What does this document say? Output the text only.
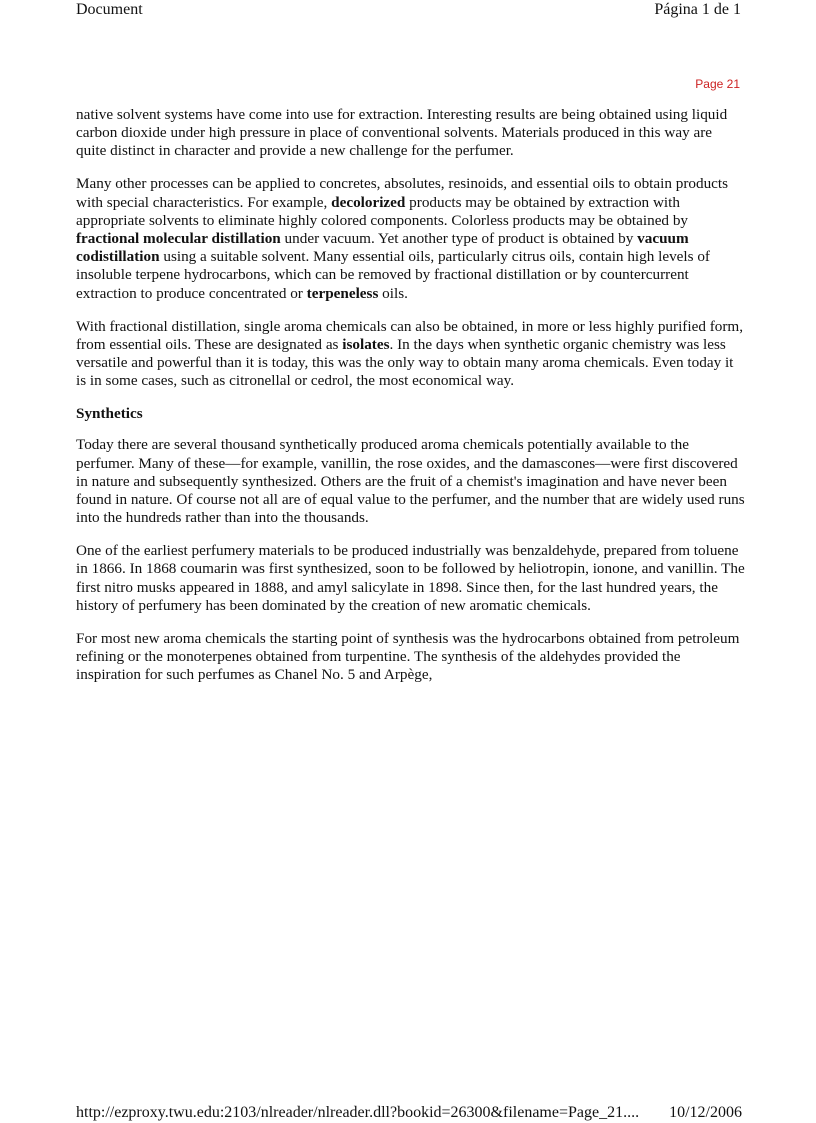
Document	Página 1 de 1
Page 21

native solvent systems have come into use for extraction. Interesting results are being obtained using liquid carbon dioxide under high pressure in place of conventional solvents. Materials produced in this way are quite distinct in character and provide a new challenge for the perfumer.

Many other processes can be applied to concretes, absolutes, resinoids, and essential oils to obtain products with special characteristics. For example, decolorized products may be obtained by extraction with appropriate solvents to eliminate highly colored components. Colorless products may be obtained by fractional molecular distillation under vacuum. Yet another type of product is obtained by vacuum codistillation using a suitable solvent. Many essential oils, particularly citrus oils, contain high levels of insoluble terpene hydrocarbons, which can be removed by fractional distillation or by countercurrent extraction to produce concentrated or terpeneless oils.

With fractional distillation, single aroma chemicals can also be obtained, in more or less highly purified form, from essential oils. These are designated as isolates. In the days when synthetic organic chemistry was less versatile and powerful than it is today, this was the only way to obtain many aroma chemicals. Even today it is in some cases, such as citronellal or cedrol, the most economical way.

Synthetics

Today there are several thousand synthetically produced aroma chemicals potentially available to the perfumer. Many of these—for example, vanillin, the rose oxides, and the damascones—were first discovered in nature and subsequently synthesized. Others are the fruit of a chemist's imagination and have never been found in nature. Of course not all are of equal value to the perfumer, and the number that are widely used runs into the hundreds rather than into the thousands.

One of the earliest perfumery materials to be produced industrially was benzaldehyde, prepared from toluene in 1866. In 1868 coumarin was first synthesized, soon to be followed by heliotropin, ionone, and vanillin. The first nitro musks appeared in 1888, and amyl salicylate in 1898. Since then, for the last hundred years, the history of perfumery has been dominated by the creation of new aromatic chemicals.

For most new aroma chemicals the starting point of synthesis was the hydrocarbons obtained from petroleum refining or the monoterpenes obtained from turpentine. The synthesis of the aldehydes provided the inspiration for such perfumes as Chanel No. 5 and Arpège,

http://ezproxy.twu.edu:2103/nlreader/nlreader.dll?bookid=26300&filename=Page_21.... 10/12/2006
